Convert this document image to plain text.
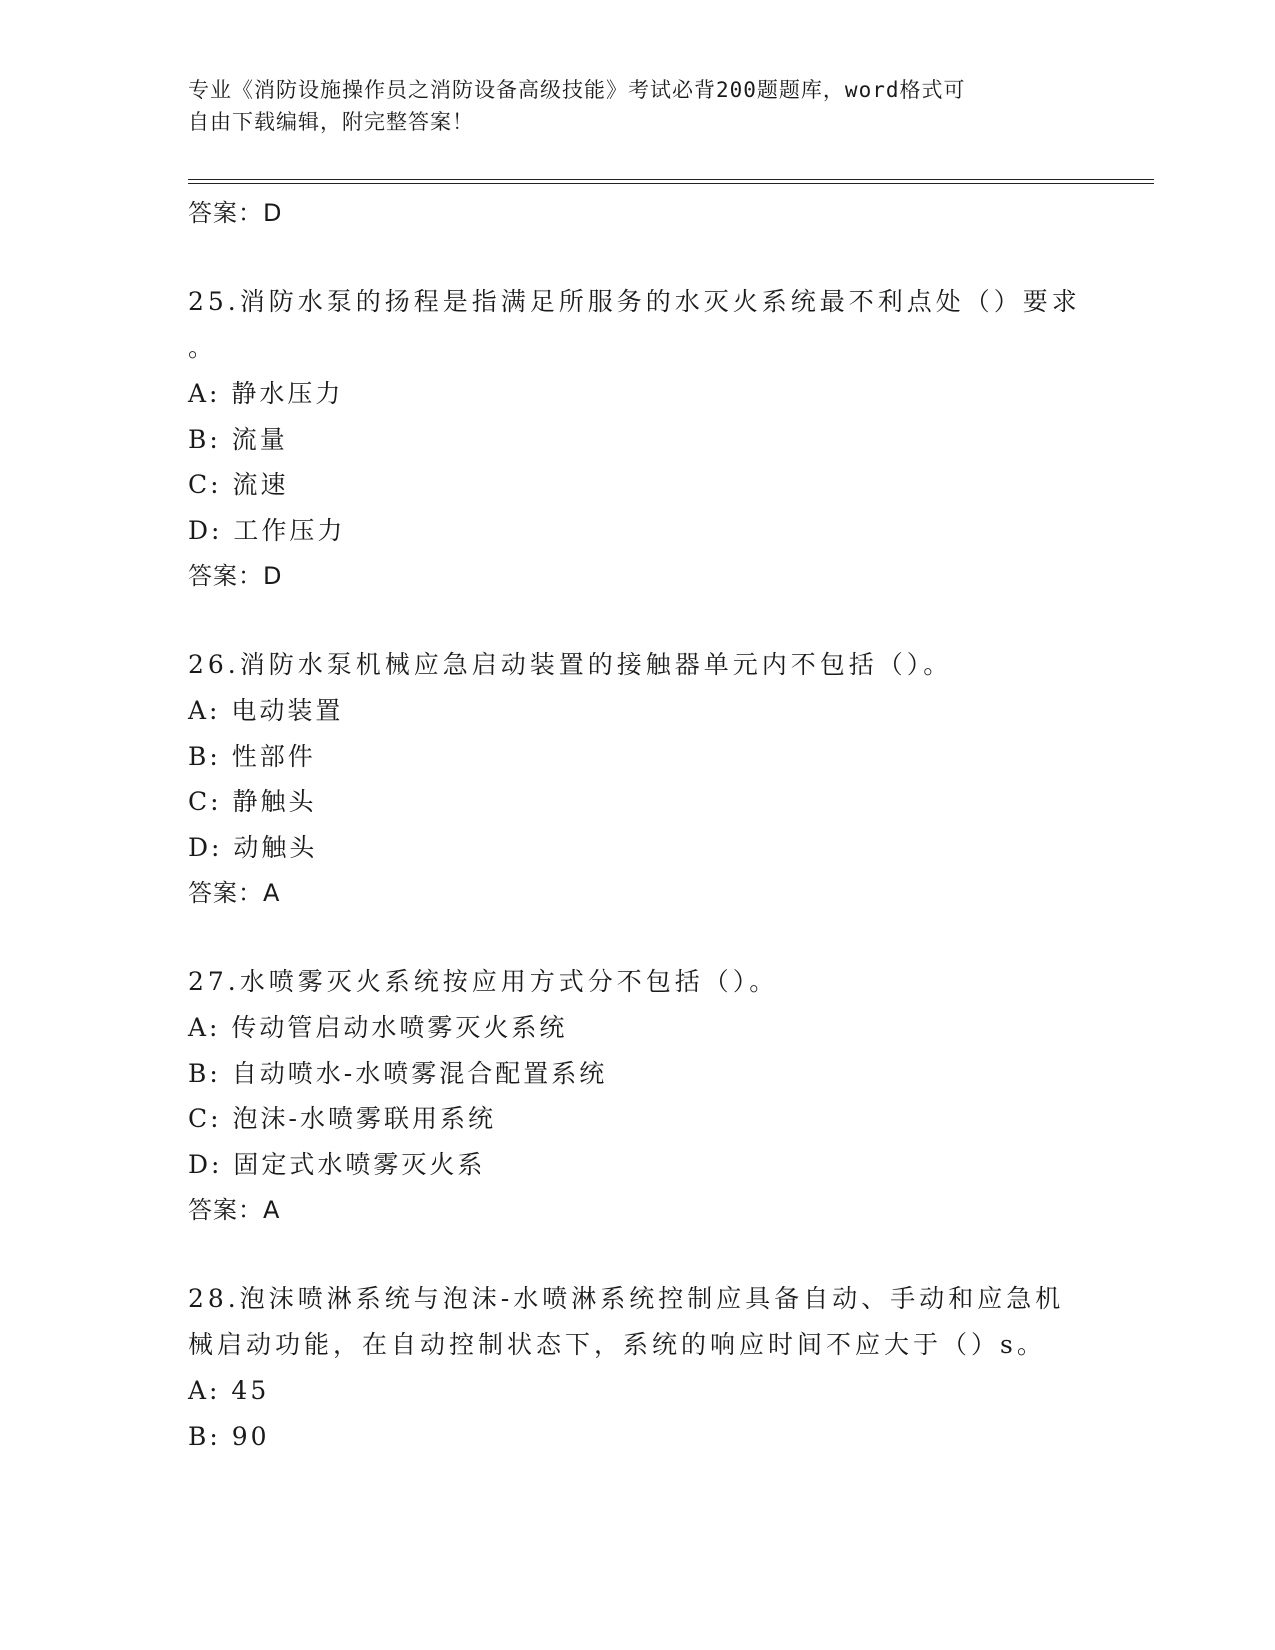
专业《消防设施操作员之消防设备高级技能》考试必背200题题库，word格式可
自由下载编辑，附完整答案！
答案：D
25.消防水泵的扬程是指满足所服务的水灭火系统最不利点处（）要求
。
A: 静水压力
B: 流量
C: 流速
D: 工作压力
答案：D
26.消防水泵机械应急启动装置的接触器单元内不包括（）。
A: 电动装置
B: 性部件
C: 静触头
D: 动触头
答案：A
27.水喷雾灭火系统按应用方式分不包括（）。
A: 传动管启动水喷雾灭火系统
B: 自动喷水-水喷雾混合配置系统
C: 泡沫-水喷雾联用系统
D: 固定式水喷雾灭火系
答案：A
28.泡沫喷淋系统与泡沫-水喷淋系统控制应具备自动、手动和应急机
械启动功能，在自动控制状态下，系统的响应时间不应大于（）s。
A: 45
B: 90
